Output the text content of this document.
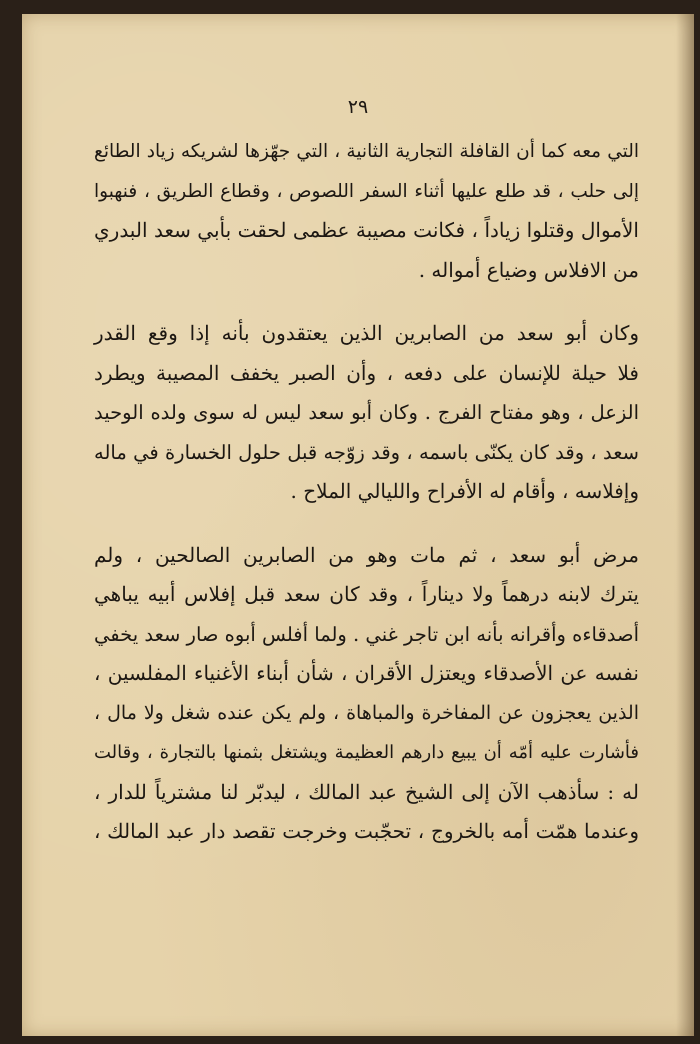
٢٩

التي معه كما أن القافلة التجارية الثانية ، التي جهّزها لشريكه زياد الطائع
إلى حلب ، قد طلع عليها أثناء السفر اللصوص ، وقطاع الطريق ، فنهبوا
الأموال وقتلوا زياداً ، فكانت مصيبة عظمى لحقت بأبي سعد البدري
من الافلاس وضياع أمواله .

وكان أبو سعد من الصابرين الذين يعتقدون بأنه إذا وقع القدر
فلا حيلة للإنسان على دفعه ، وأن الصبر يخفف المصيبة ويطرد
الزعل ، وهو مفتاح الفرج . وكان أبو سعد ليس له سوى ولده الوحيد
سعد ، وقد كان يكنّى باسمه ، وقد زوّجه قبل حلول الخسارة في ماله
وإفلاسه ، وأقام له الأفراح والليالي الملاح .

مرض أبو سعد ، ثم مات وهو من الصابرين الصالحين ، ولم
يترك لابنه درهماً ولا ديناراً ، وقد كان سعد قبل إفلاس أبيه يباهي
أصدقاءه وأقرانه بأنه ابن تاجر غني . ولما أفلس أبوه صار سعد يخفي
نفسه عن الأصدقاء ويعتزل الأقران ، شأن أبناء الأغنياء المفلسين ،
الذين يعجزون عن المفاخرة والمباهاة ، ولم يكن عنده شغل ولا مال ،
فأشارت عليه أمّه أن يبيع دارهم العظيمة ويشتغل بثمنها بالتجارة ، وقالت
له : سأذهب الآن إلى الشيخ عبد المالك ، ليدبّر لنا مشترياً للدار ،
وعندما همّت أمه بالخروج ، تحجّبت وخرجت تقصد دار عبد المالك ،
